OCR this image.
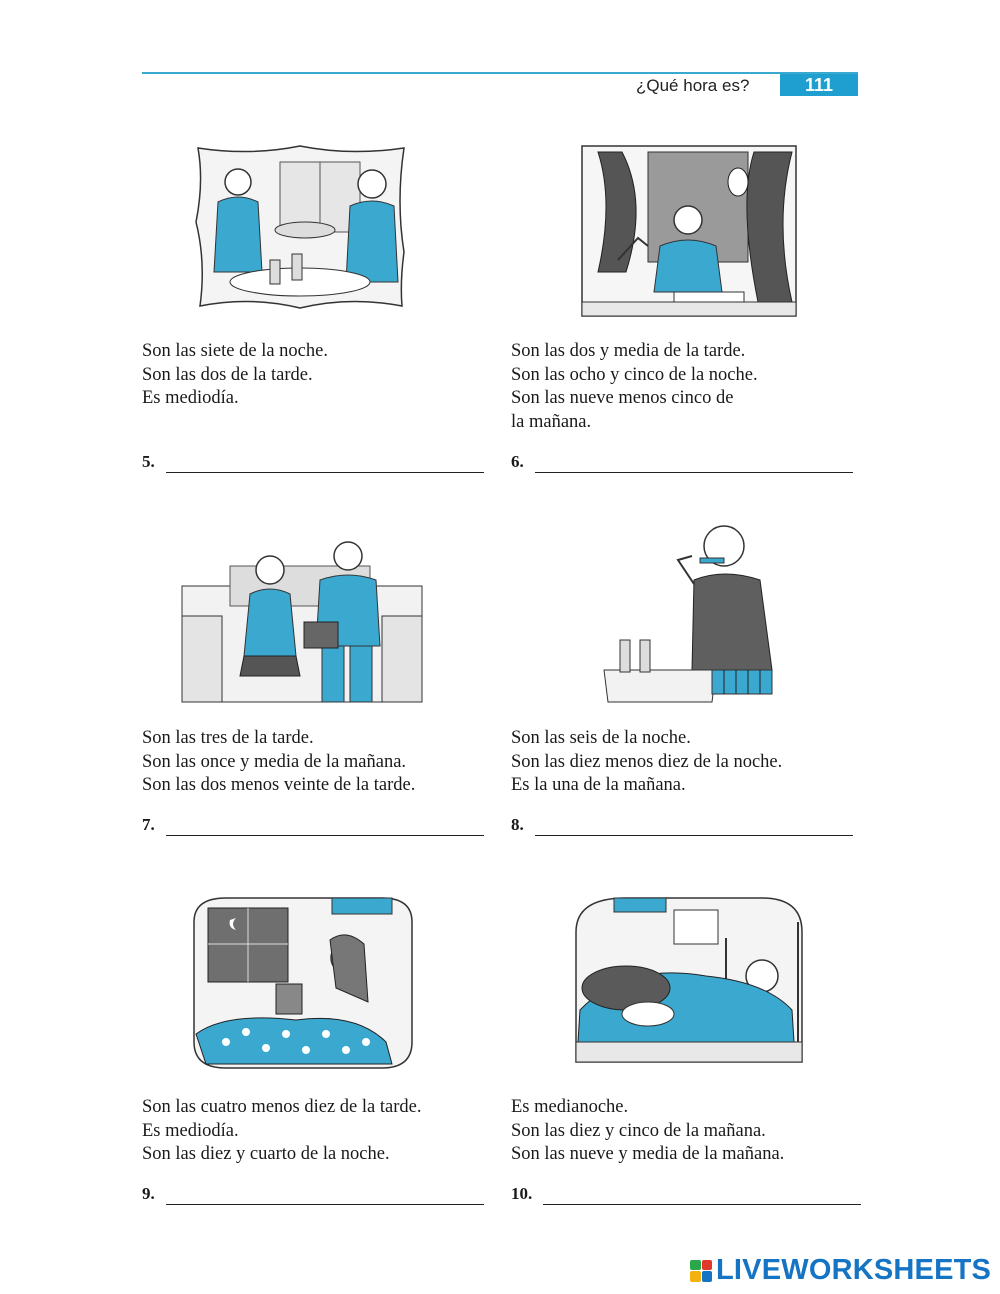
¿Qué hora es?	111
Son las siete de la noche.
Son las dos de la tarde.
Es mediodía.
Son las dos y media de la tarde.
Son las ocho y cinco de la noche.
Son las nueve menos cinco de
la mañana.
5.	6.
Son las tres de la tarde.
Son las once y media de la mañana.
Son las dos menos veinte de la tarde.
Son las seis de la noche.
Son las diez menos diez de la noche.
Es la una de la mañana.
7.	8.
Son las cuatro menos diez de la tarde.
Es mediodía.
Son las diez y cuarto de la noche.
Es medianoche.
Son las diez y cinco de la mañana.
Son las nueve y media de la mañana.
9.	10.
LIVEWORKSHEETS
